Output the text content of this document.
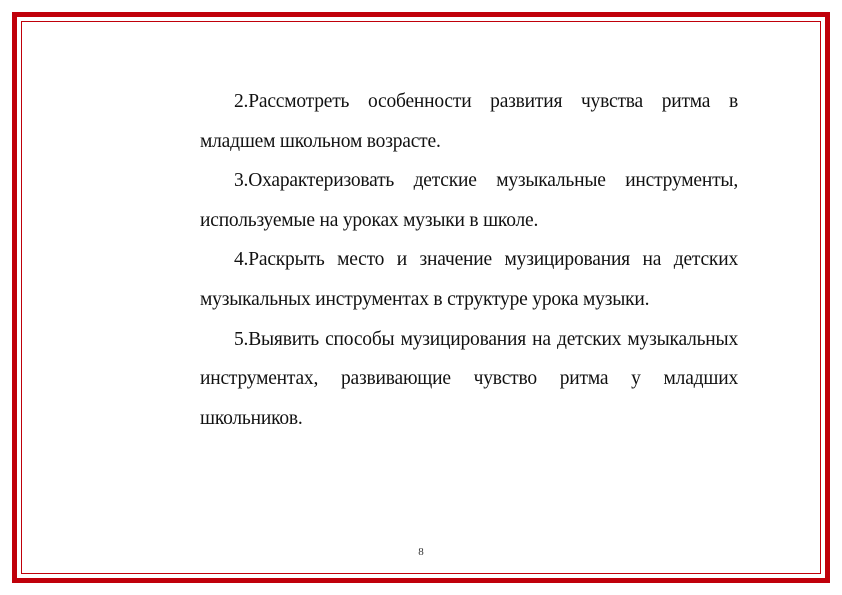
2.Рассмотреть особенности развития чувства ритма в младшем школьном возрасте.

3.Охарактеризовать детские музыкальные инструменты, используемые на уроках музыки в школе.

4.Раскрыть место и значение музицирования на детских музыкальных инструментах в структуре урока музыки.

5.Выявить способы музицирования на детских музыкальных инструментах, развивающие чувство ритма у младших школьников.

8
